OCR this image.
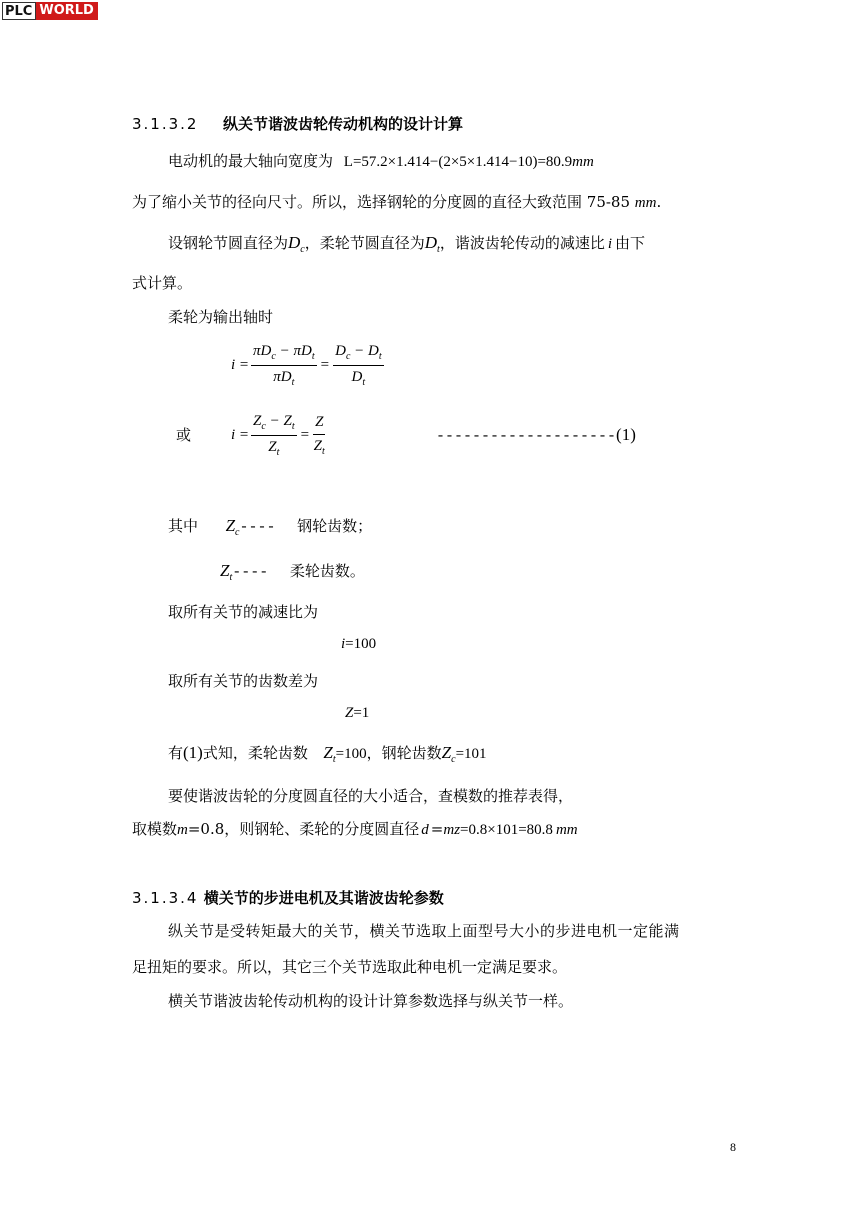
PLC WORLD
3.1.3.2 纵关节谐波齿轮传动机构的设计计算
电动机的最大轴向宽度为 L=57.2×1.414−(2×5×1.414−10)=80.9mm
为了缩小关节的径向尺寸。所以，选择钢轮的分度圆的直径大致范围 75-85 mm.
设钢轮节圆直径为$D_c$，柔轮节圆直径为$D_t$，谐波齿轮传动的减速比 i 由下
式计算。
柔轮为输出轴时
$i = \frac{\pi D_c - \pi D_t}{\pi D_t} = \frac{D_c - D_t}{D_t}$
或	$i = \frac{Z_c - Z_t}{Z_t} = \frac{Z}{Z_t}$	--------------------(1)
其中 $Z_c----$ 钢轮齿数；
$Z_t----$ 柔轮齿数。
取所有关节的减速比为
i=100
取所有关节的齿数差为
Z=1
有(1)式知，柔轮齿数 $Z_t=100$，钢轮齿数$Z_c=101$
要使谐波齿轮的分度圆直径的大小适合，查模数的推荐表得，
取模数m=0.8，则钢轮、柔轮的分度圆直径 d =mz=0.8×101=80.8 mm
3.1.3.4 横关节的步进电机及其谐波齿轮参数
纵关节是受转矩最大的关节，横关节选取上面型号大小的步进电机一定能满
足扭矩的要求。所以，其它三个关节选取此种电机一定满足要求。
横关节谐波齿轮传动机构的设计计算参数选择与纵关节一样。
8
